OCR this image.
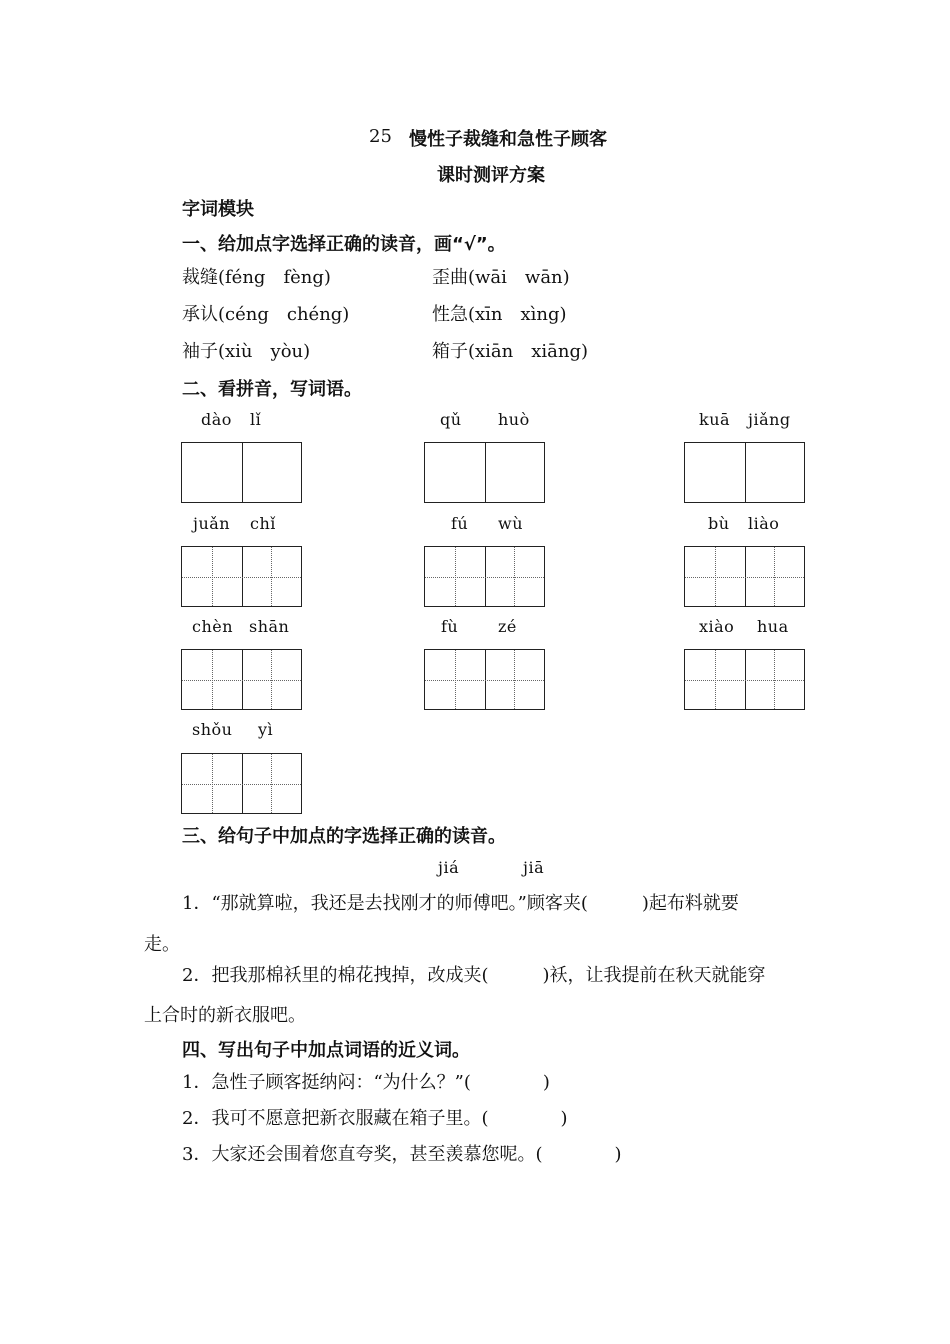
25 慢性子裁缝和急性子顾客
课时测评方案
字词模块
一、给加点字选择正确的读音，画“√”。
裁缝(féng　fèng)	歪曲(wāi　wān)
承认(céng　chéng)	性急(xīn　xìng)
袖子(xiù　yòu)	箱子(xiān　xiāng)
二、看拼音，写词语。
dào lǐ	qǔ huò	kuā jiǎng
juǎn chǐ	fú wù	bù liào
chèn shān	fù zé	xiào hua
shǒu yì
三、给句子中加点的字选择正确的读音。
jiá	jiā
1．“那就算啦，我还是去找刚才的师傅吧。”顾客夹(　　　)起布料就要
走。
2．把我那棉袄里的棉花拽掉，改成夹(　　　)袄，让我提前在秋天就能穿
上合时的新衣服吧。
四、写出句子中加点词语的近义词。
1．急性子顾客挺纳闷：“为什么？”(　　　　)
2．我可不愿意把新衣服藏在箱子里。(　　　　)
3．大家还会围着您直夸奖，甚至羡慕您呢。(　　　　)
